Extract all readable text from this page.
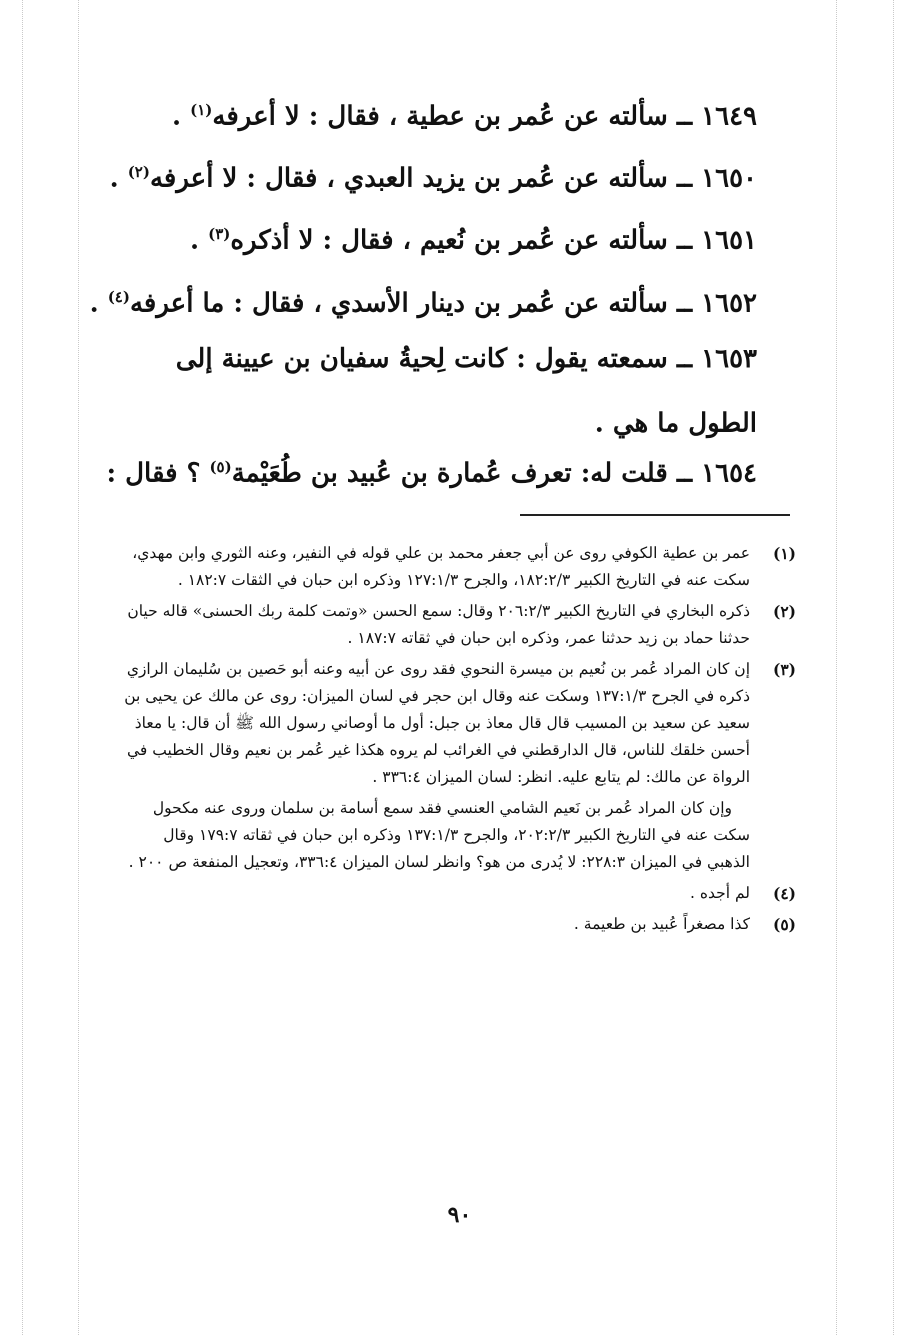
١٦٤٩ ــ سألته عن عُمر بن عطية ، فقال : لا أعرفه$^{(١)}$ .
١٦٥٠ ــ سألته عن عُمر بن يزيد العبدي ، فقال : لا أعرفه$^{(٢)}$ .
١٦٥١ ــ سألته عن عُمر بن نُعيم ، فقال : لا أذكره$^{(٣)}$ .
١٦٥٢ ــ سألته عن عُمر بن دينار الأسدي ، فقال : ما أعرفه$^{(٤)}$ .
١٦٥٣ ــ سمعته يقول : كانت لِحيةُ سفيان بن عيينة إلى الطول ما هي .
١٦٥٤ ــ قلت له: تعرف عُمارة بن عُبيد بن طُعَيْمة$^{(٥)}$ ؟ فقال :
(١)

عمر بن عطية الكوفي روى عن أبي جعفر محمد بن علي قوله في النفير، وعنه الثوري وابن مهدي، سكت عنه في التاريخ الكبير ١٨٢:٢/٣، والجرح ١٢٧:١/٣ وذكره ابن حبان في الثقات ١٨٢:٧ .

(٢)

ذكره البخاري في التاريخ الكبير ٢٠٦:٢/٣ وقال: سمع الحسن «وتمت كلمة ربك الحسنى» قاله حيان حدثنا حماد بن زيد حدثنا عمر، وذكره ابن حبان في ثقاته ١٨٧:٧ .

(٣)

إن كان المراد عُمر بن نُعيم بن ميسرة النحوي فقد روى عن أبيه وعنه أبو حَصين بن سُليمان الرازي ذكره في الجرح ١٣٧:١/٣ وسكت عنه وقال ابن حجر في لسان الميزان: روى عن مالك عن يحيى بن سعيد عن سعيد بن المسيب قال قال معاذ بن جبل: أول ما أوصاني رسول الله ﷺ أن قال: يا معاذ أحسن خلقك للناس، قال الدارقطني في الغرائب لم يروه هكذا غير عُمر بن نعيم وقال الخطيب في الرواة عن مالك: لم يتابع عليه. انظر: لسان الميزان ٣٣٦:٤ .

وإن كان المراد عُمر بن نَعيم الشامي العنسي فقد سمع أسامة بن سلمان وروى عنه مكحول سكت عنه في التاريخ الكبير ٢٠٢:٢/٣، والجرح ١٣٧:١/٣ وذكره ابن حبان في ثقاته ١٧٩:٧ وقال الذهبي في الميزان ٢٢٨:٣: لا يُدرى من هو؟ وانظر لسان الميزان ٣٣٦:٤، وتعجيل المنفعة ص ٢٠٠ .

(٤)

لم أجده .

(٥)

كذا مصغراً عُبيد بن طعيمة .

٩٠
